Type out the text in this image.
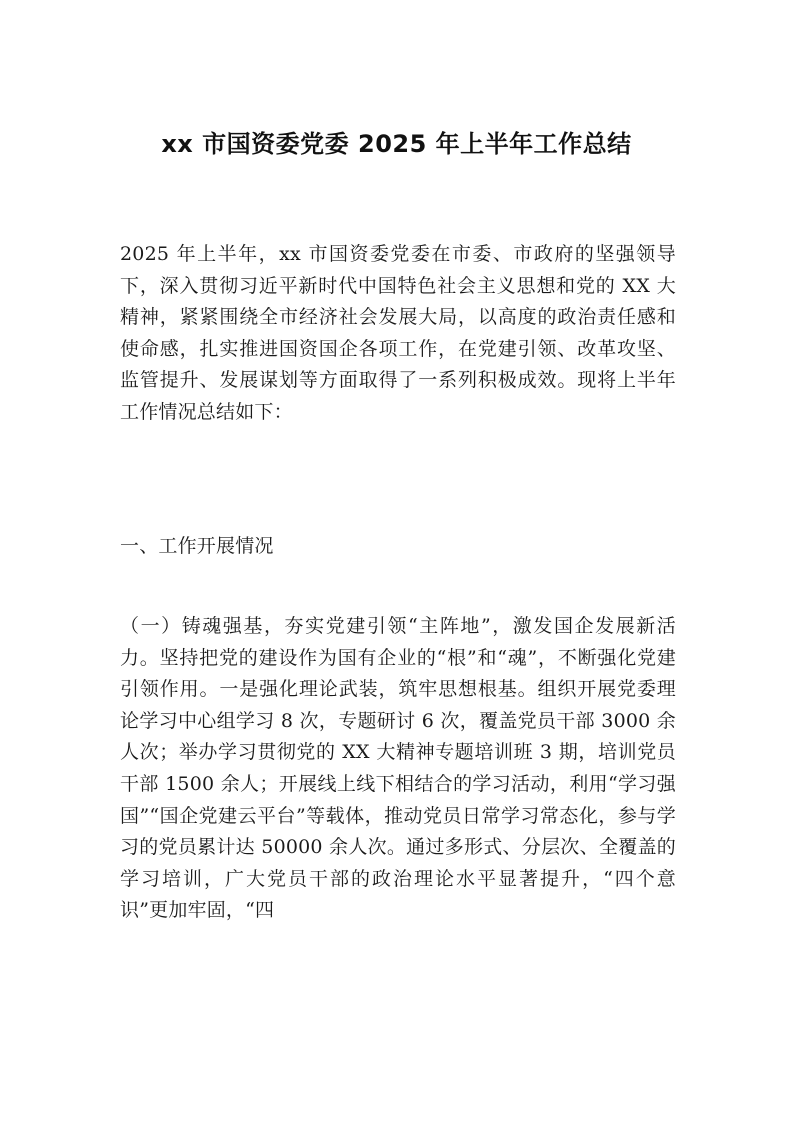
xx 市国资委党委 2025 年上半年工作总结
2025 年上半年，xx 市国资委党委在市委、市政府的坚强领导下，深入贯彻习近平新时代中国特色社会主义思想和党的 XX 大精神，紧紧围绕全市经济社会发展大局，以高度的政治责任感和使命感，扎实推进国资国企各项工作，在党建引领、改革攻坚、监管提升、发展谋划等方面取得了一系列积极成效。现将上半年工作情况总结如下：
一、工作开展情况
（一）铸魂强基，夯实党建引领“主阵地”，激发国企发展新活力。坚持把党的建设作为国有企业的“根”和“魂”，不断强化党建引领作用。一是强化理论武装，筑牢思想根基。组织开展党委理论学习中心组学习 8 次，专题研讨 6 次，覆盖党员干部 3000 余人次；举办学习贯彻党的 XX 大精神专题培训班 3 期，培训党员干部 1500 余人；开展线上线下相结合的学习活动，利用“学习强国”“国企党建云平台”等载体，推动党员日常学习常态化，参与学习的党员累计达 50000 余人次。通过多形式、分层次、全覆盖的学习培训，广大党员干部的政治理论水平显著提升，“四个意识”更加牢固，“四
